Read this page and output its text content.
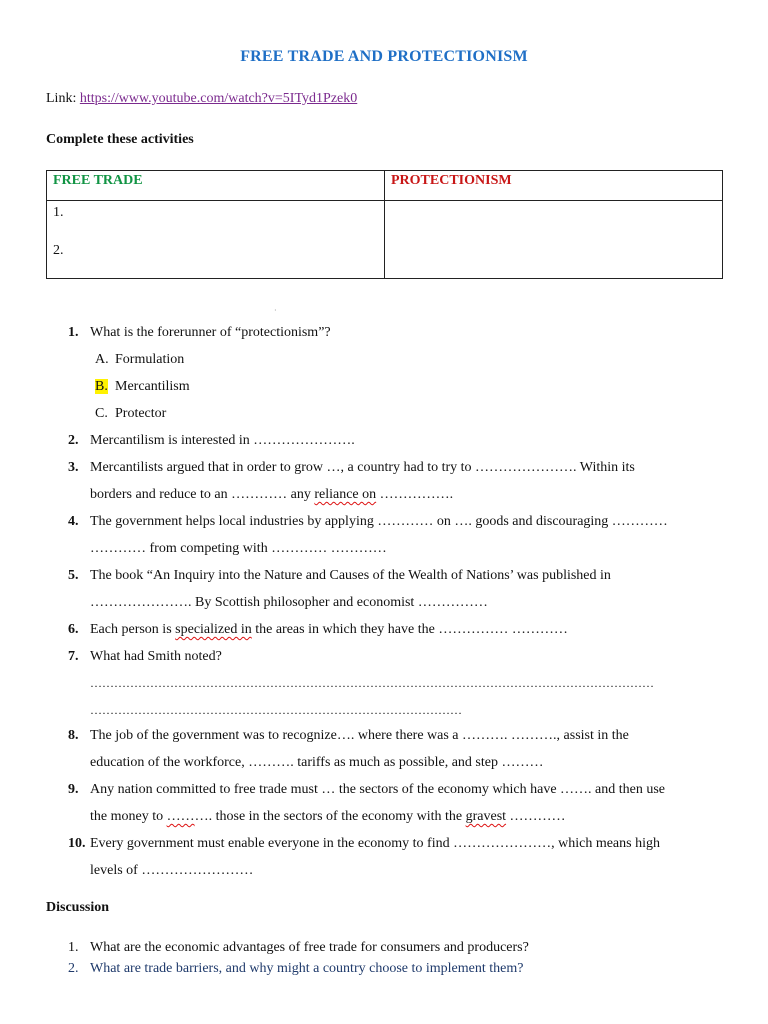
FREE TRADE AND PROTECTIONISM
Link: https://www.youtube.com/watch?v=5ITyd1Pzek0
Complete these activities
FREE TRADE	PROTECTIONISM

1.
2.	

·
1. What is the forerunner of “protectionism”?
A. Formulation
B. Mercantilism
C. Protector
2. Mercantilism is interested in ………………….
3. Mercantilists argued that in order to grow …, a country had to try to …………………. Within its
borders and reduce to an ………… any reliance on …………….
4. The government helps local industries by applying ………… on …. goods and discouraging …………
………… from competing with ………… …………
5. The book “An Inquiry into the Nature and Causes of the Wealth of Nations’ was published in
…………………. By Scottish philosopher and economist ……………
6. Each person is specialized in the areas in which they have the …………… …………
7. What had Smith noted?
……………………………………………………………………………………………………………………………
…………………………………………………………………………………
8. The job of the government was to recognize…. where there was a ………. ………., assist in the
education of the workforce, ………. tariffs as much as possible, and step ………
9. Any nation committed to free trade must … the sectors of the economy which have ……. and then use
the money to ………. those in the sectors of the economy with the gravest …………
10. Every government must enable everyone in the economy to find …………………, which means high
levels of ……………………
Discussion
1. What are the economic advantages of free trade for consumers and producers?
2. What are trade barriers, and why might a country choose to implement them?
